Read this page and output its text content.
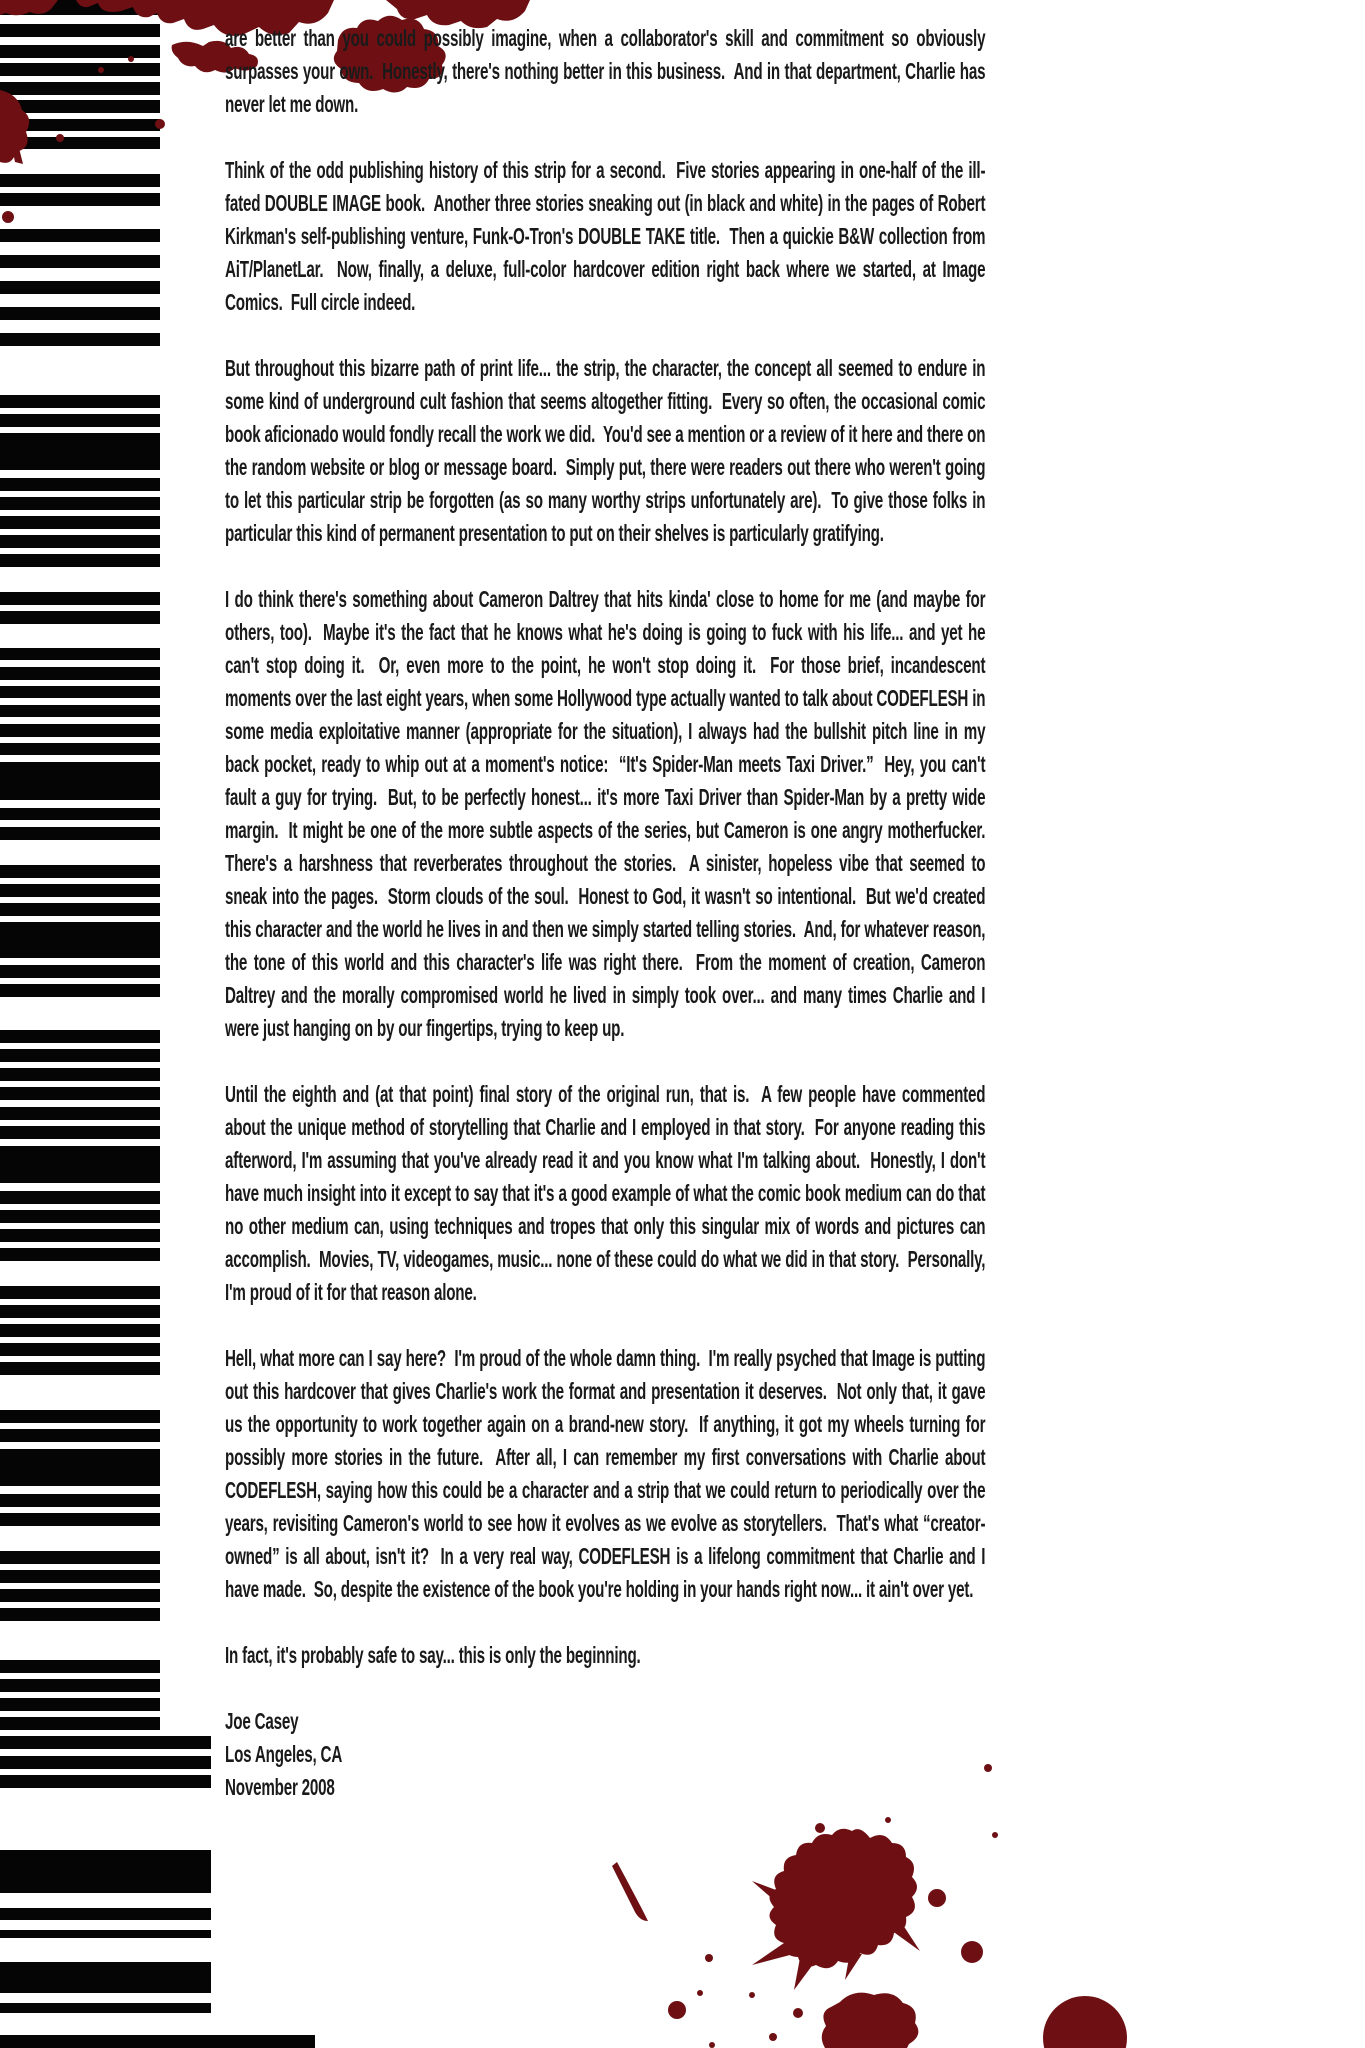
are better than you could possibly imagine, when a collaborator's skill and commitment so obviously surpasses your own.  Honestly, there's nothing better in this business.  And in that department, Charlie has never let me down.

Think of the odd publishing history of this strip for a second.  Five stories appearing in one-half of the ill-fated DOUBLE IMAGE book.  Another three stories sneaking out (in black and white) in the pages of Robert Kirkman's self-publishing venture, Funk-O-Tron's DOUBLE TAKE title.  Then a quickie B&W collection from AiT/PlanetLar.  Now, finally, a deluxe, full-color hardcover edition right back where we started, at Image Comics.  Full circle indeed.

But throughout this bizarre path of print life... the strip, the character, the concept all seemed to endure in some kind of underground cult fashion that seems altogether fitting.  Every so often, the occasional comic book aficionado would fondly recall the work we did.  You'd see a mention or a review of it here and there on the random website or blog or message board.  Simply put, there were readers out there who weren't going to let this particular strip be forgotten (as so many worthy strips unfortunately are).  To give those folks in particular this kind of permanent presentation to put on their shelves is particularly gratifying.

I do think there's something about Cameron Daltrey that hits kinda' close to home for me (and maybe for others, too).  Maybe it's the fact that he knows what he's doing is going to fuck with his life... and yet he can't stop doing it.  Or, even more to the point, he won't stop doing it.  For those brief, incandescent moments over the last eight years, when some Hollywood type actually wanted to talk about CODEFLESH in some media exploitative manner (appropriate for the situation), I always had the bullshit pitch line in my back pocket, ready to whip out at a moment's notice:  “It's Spider-Man meets Taxi Driver.”  Hey, you can't fault a guy for trying.  But, to be perfectly honest... it's more Taxi Driver than Spider-Man by a pretty wide margin.  It might be one of the more subtle aspects of the series, but Cameron is one angry motherfucker.  There's a harshness that reverberates throughout the stories.  A sinister, hopeless vibe that seemed to sneak into the pages.  Storm clouds of the soul.  Honest to God, it wasn't so intentional.  But we'd created this character and the world he lives in and then we simply started telling stories.  And, for whatever reason, the tone of this world and this character's life was right there.  From the moment of creation, Cameron Daltrey and the morally compromised world he lived in simply took over... and many times Charlie and I were just hanging on by our fingertips, trying to keep up.

Until the eighth and (at that point) final story of the original run, that is.  A few people have commented about the unique method of storytelling that Charlie and I employed in that story.  For anyone reading this afterword, I'm assuming that you've already read it and you know what I'm talking about.  Honestly, I don't have much insight into it except to say that it's a good example of what the comic book medium can do that no other medium can, using techniques and tropes that only this singular mix of words and pictures can accomplish.  Movies, TV, videogames, music... none of these could do what we did in that story.  Personally, I'm proud of it for that reason alone.

Hell, what more can I say here?  I'm proud of the whole damn thing.  I'm really psyched that Image is putting out this hardcover that gives Charlie's work the format and presentation it deserves.  Not only that, it gave us the opportunity to work together again on a brand-new story.  If anything, it got my wheels turning for possibly more stories in the future.  After all, I can remember my first conversations with Charlie about CODEFLESH, saying how this could be a character and a strip that we could return to periodically over the years, revisiting Cameron's world to see how it evolves as we evolve as storytellers.  That's what “creator-owned” is all about, isn't it?  In a very real way, CODEFLESH is a lifelong commitment that Charlie and I have made.  So, despite the existence of the book you're holding in your hands right now... it ain't over yet.

In fact, it's probably safe to say... this is only the beginning.

Joe Casey
Los Angeles, CA
November 2008
